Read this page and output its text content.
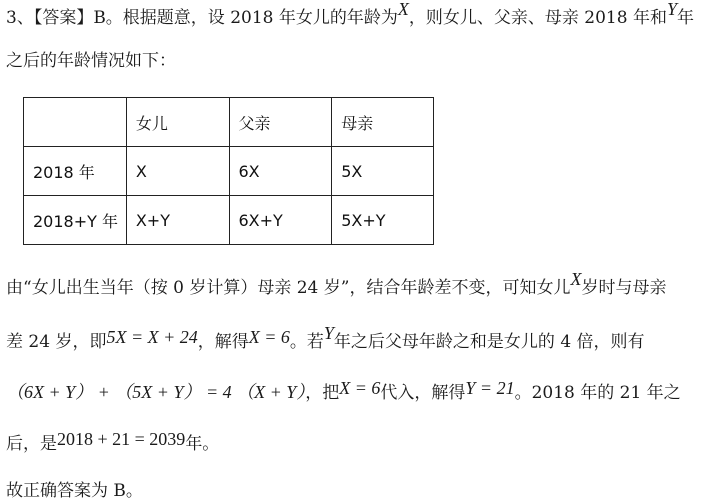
3、【答案】B。根据题意，设 2018 年女儿的年龄为X，则女儿、父亲、母亲 2018 年和Y年
之后的年龄情况如下：
	女儿	父亲	母亲
2018 年	X	6X	5X
2018+Y 年	X+Y	6X+Y	5X+Y
由“女儿出生当年（按 0 岁计算）母亲 24 岁”，结合年龄差不变，可知女儿X岁时与母亲
差 24 岁，即5X = X + 24，解得X = 6。若Y年之后父母年龄之和是女儿的 4 倍，则有
（6X + Y） + （5X + Y） = 4 （X + Y），把X = 6代入，解得Y = 21。2018 年的 21 年之
后，是2018 + 21 = 2039年。
故正确答案为 B。
